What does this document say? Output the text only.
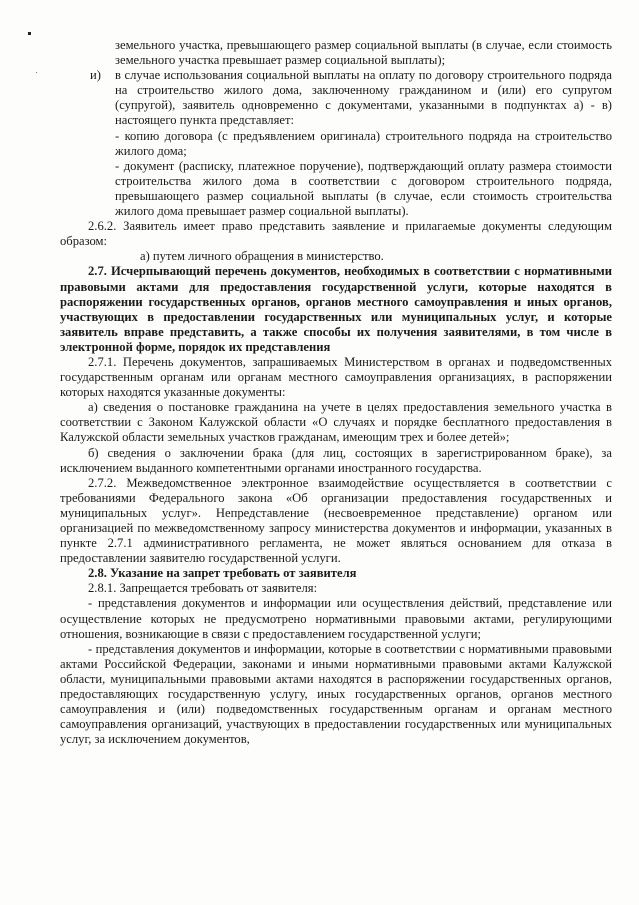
земельного участка, превышающего размер социальной выплаты (в случае, если стоимость земельного участка превышает размер социальной выплаты);

и) в случае использования социальной выплаты на оплату по договору строительного подряда на строительство жилого дома, заключенному гражданином и (или) его супругом (супругой), заявитель одновременно с документами, указанными в подпунктах а) - в) настоящего пункта представляет:

- копию договора (с предъявлением оригинала) строительного подряда на строительство жилого дома;

- документ (расписку, платежное поручение), подтверждающий оплату размера стоимости строительства жилого дома в соответствии с договором строительного подряда, превышающего размер социальной выплаты (в случае, если стоимость строительства жилого дома превышает размер социальной выплаты).

2.6.2. Заявитель имеет право представить заявление и прилагаемые документы следующим образом:

а) путем личного обращения в министерство.

2.7. Исчерпывающий перечень документов, необходимых в соответствии с нормативными правовыми актами для предоставления государственной услуги, которые находятся в распоряжении государственных органов, органов местного самоуправления и иных органов, участвующих в предоставлении государственных или муниципальных услуг, и которые заявитель вправе представить, а также способы их получения заявителями, в том числе в электронной форме, порядок их представления

2.7.1. Перечень документов, запрашиваемых Министерством в органах и подведомственных государственным органам или органам местного самоуправления организациях, в распоряжении которых находятся указанные документы:

а) сведения о постановке гражданина на учете в целях предоставления земельного участка в соответствии с Законом Калужской области «О случаях и порядке бесплатного предоставления в Калужской области земельных участков гражданам, имеющим трех и более детей»;

б) сведения о заключении брака (для лиц, состоящих в зарегистрированном браке), за исключением выданного компетентными органами иностранного государства.

2.7.2. Межведомственное электронное взаимодействие осуществляется в соответствии с требованиями Федерального закона «Об организации предоставления государственных и муниципальных услуг». Непредставление (несвоевременное представление) органом или организацией по межведомственному запросу министерства документов и информации, указанных в пункте 2.7.1 административного регламента, не может являться основанием для отказа в предоставлении заявителю государственной услуги.

2.8. Указание на запрет требовать от заявителя

2.8.1. Запрещается требовать от заявителя:

- представления документов и информации или осуществления действий, представление или осуществление которых не предусмотрено нормативными правовыми актами, регулирующими отношения, возникающие в связи с предоставлением государственной услуги;

- представления документов и информации, которые в соответствии с нормативными правовыми актами Российской Федерации, законами и иными нормативными правовыми актами Калужской области, муниципальными правовыми актами находятся в распоряжении государственных органов, предоставляющих государственную услугу, иных государственных органов, органов местного самоуправления и (или) подведомственных государственным органам и органам местного самоуправления организаций, участвующих в предоставлении государственных или муниципальных услуг, за исключением документов,
